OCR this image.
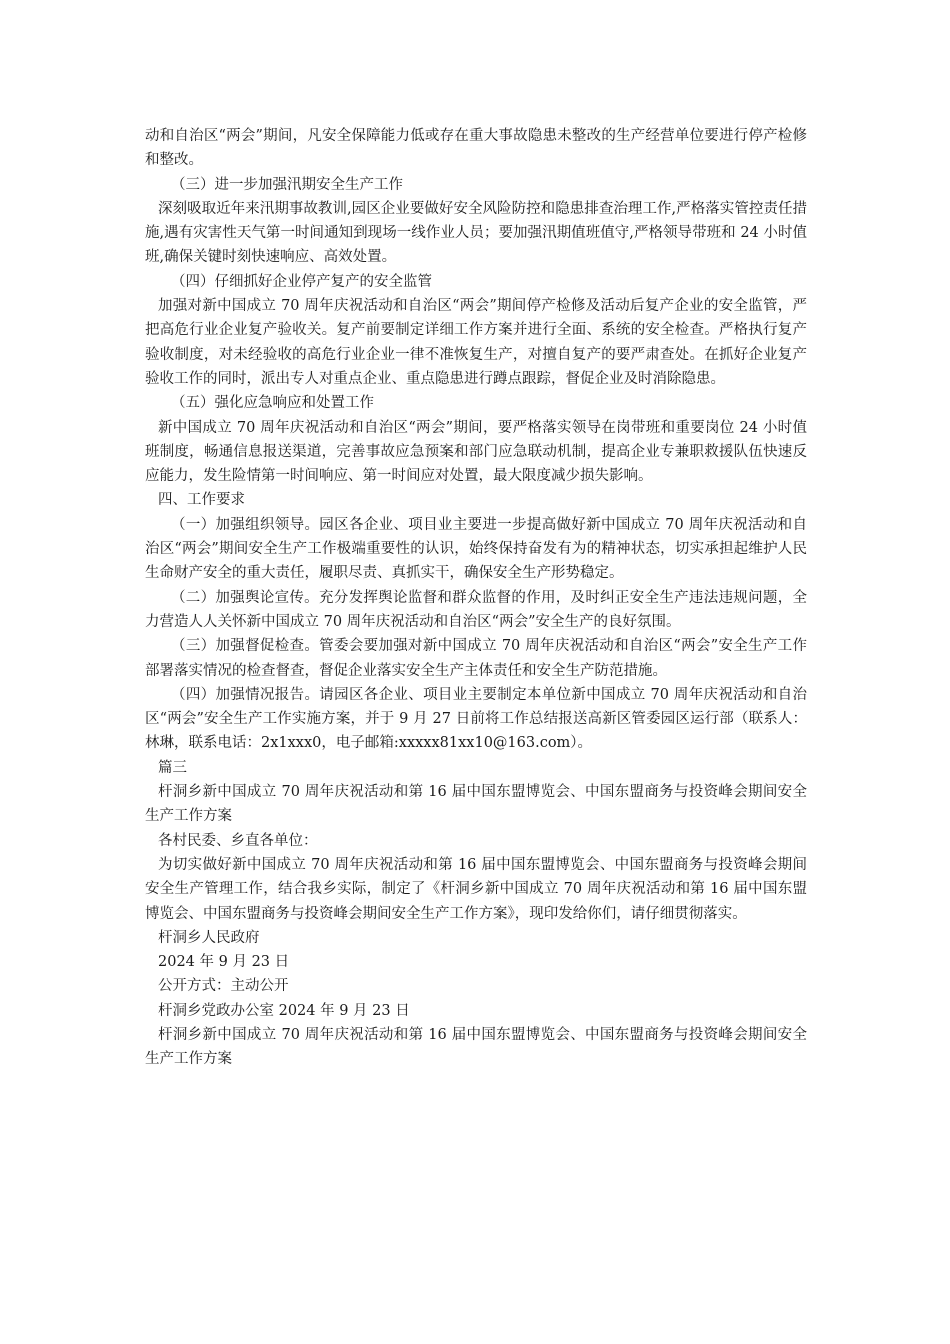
动和自治区“两会”期间，凡安全保障能力低或存在重大事故隐患未整改的生产经营单位要进行停产检修和整改。

（三）进一步加强汛期安全生产工作

深刻吸取近年来汛期事故教训,园区企业要做好安全风险防控和隐患排查治理工作,严格落实管控责任措施,遇有灾害性天气第一时间通知到现场一线作业人员；要加强汛期值班值守,严格领导带班和 24 小时值班,确保关键时刻快速响应、高效处置。

（四）仔细抓好企业停产复产的安全监管

加强对新中国成立 70 周年庆祝活动和自治区“两会”期间停产检修及活动后复产企业的安全监管，严把高危行业企业复产验收关。复产前要制定详细工作方案并进行全面、系统的安全检查。严格执行复产验收制度，对未经验收的高危行业企业一律不准恢复生产，对擅自复产的要严肃查处。在抓好企业复产验收工作的同时，派出专人对重点企业、重点隐患进行蹲点跟踪，督促企业及时消除隐患。

（五）强化应急响应和处置工作

新中国成立 70 周年庆祝活动和自治区“两会”期间，要严格落实领导在岗带班和重要岗位 24 小时值班制度，畅通信息报送渠道，完善事故应急预案和部门应急联动机制，提高企业专兼职救援队伍快速反应能力，发生险情第一时间响应、第一时间应对处置，最大限度减少损失影响。

四、工作要求

（一）加强组织领导。园区各企业、项目业主要进一步提高做好新中国成立 70 周年庆祝活动和自治区“两会”期间安全生产工作极端重要性的认识，始终保持奋发有为的精神状态，切实承担起维护人民生命财产安全的重大责任，履职尽责、真抓实干，确保安全生产形势稳定。

（二）加强舆论宣传。充分发挥舆论监督和群众监督的作用，及时纠正安全生产违法违规问题，全力营造人人关怀新中国成立 70 周年庆祝活动和自治区“两会”安全生产的良好氛围。

（三）加强督促检查。管委会要加强对新中国成立 70 周年庆祝活动和自治区“两会”安全生产工作部署落实情况的检查督查，督促企业落实安全生产主体责任和安全生产防范措施。

（四）加强情况报告。请园区各企业、项目业主要制定本单位新中国成立 70 周年庆祝活动和自治区“两会”安全生产工作实施方案，并于 9 月 27 日前将工作总结报送高新区管委园区运行部（联系人：林琳，联系电话：2x1xxx0，电子邮箱:xxxxx81xx10@163.com）。

篇三

杆洞乡新中国成立 70 周年庆祝活动和第 16 届中国东盟博览会、中国东盟商务与投资峰会期间安全生产工作方案

各村民委、乡直各单位：

为切实做好新中国成立 70 周年庆祝活动和第 16 届中国东盟博览会、中国东盟商务与投资峰会期间安全生产管理工作，结合我乡实际，制定了《杆洞乡新中国成立 70 周年庆祝活动和第 16 届中国东盟博览会、中国东盟商务与投资峰会期间安全生产工作方案》，现印发给你们，请仔细贯彻落实。

杆洞乡人民政府

2024 年 9 月 23 日

公开方式：主动公开

杆洞乡党政办公室 2024 年 9 月 23 日

杆洞乡新中国成立 70 周年庆祝活动和第 16 届中国东盟博览会、中国东盟商务与投资峰会期间安全生产工作方案
